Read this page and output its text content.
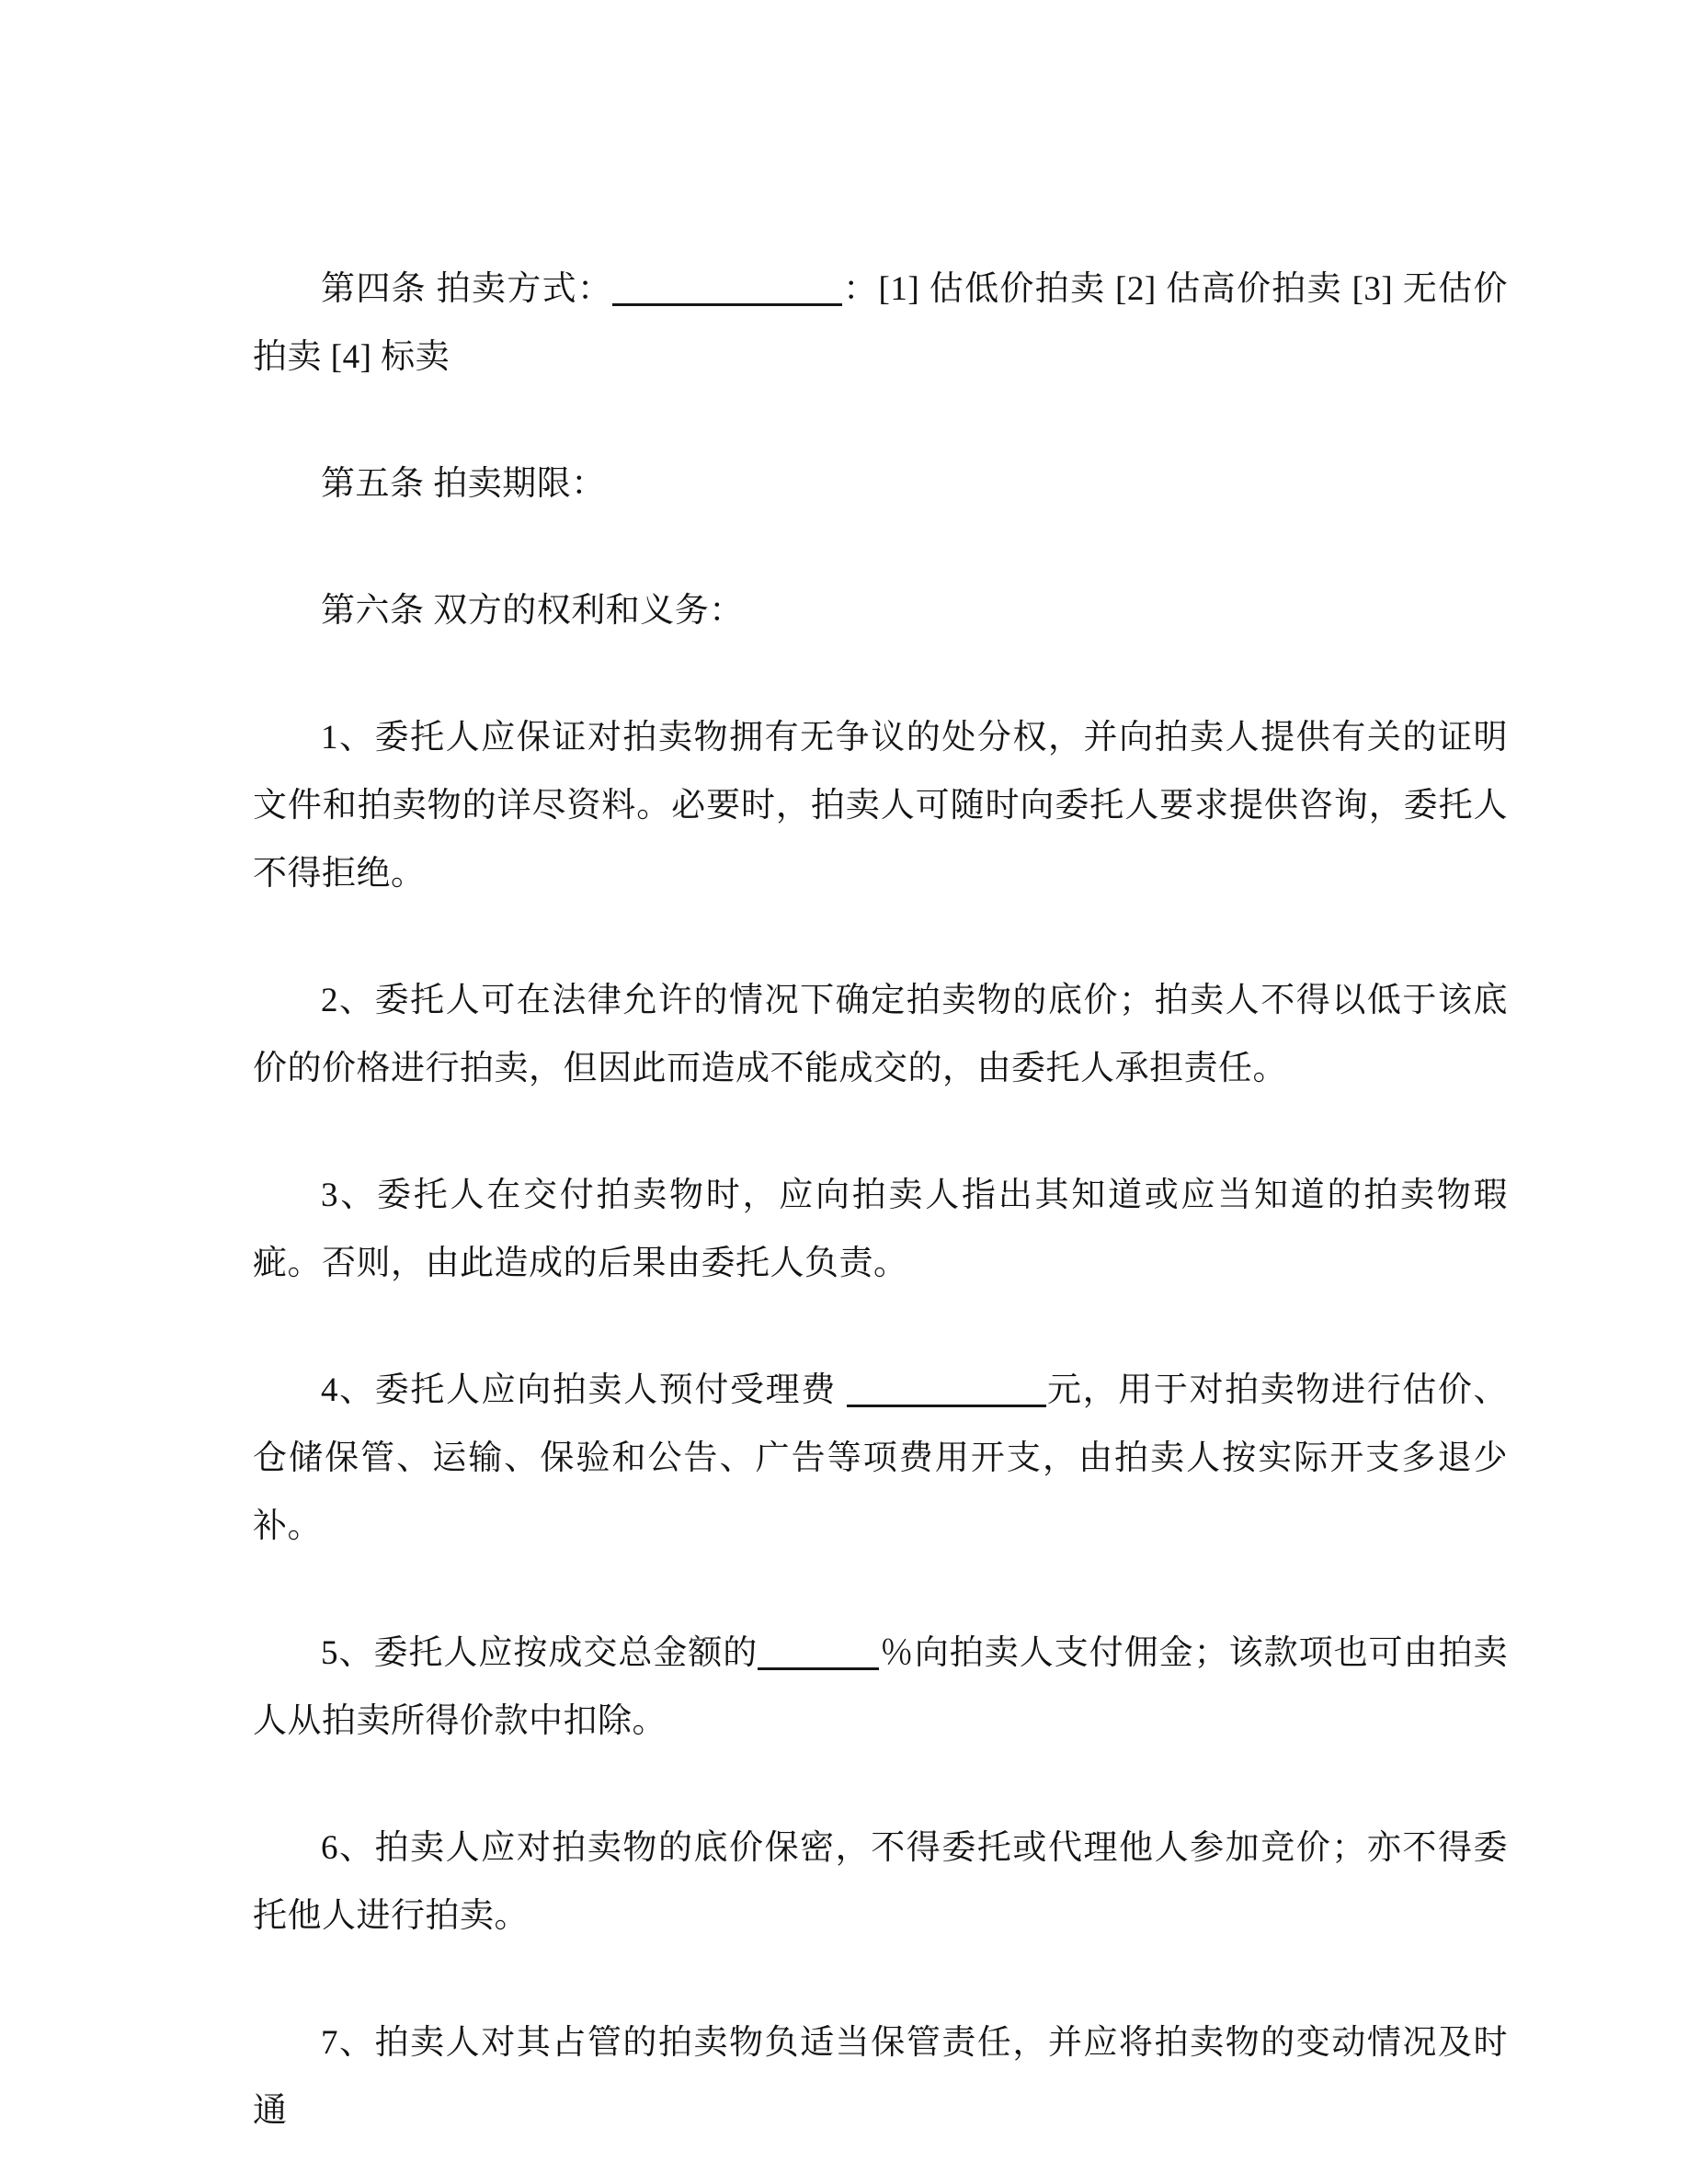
第四条 拍卖方式：	：[1] 估低价拍卖 [2] 估高价拍卖 [3] 无估价拍卖 [4] 标卖

第五条 拍卖期限：

第六条 双方的权利和义务：

1、委托人应保证对拍卖物拥有无争议的处分权，并向拍卖人提供有关的证明文件和拍卖物的详尽资料。必要时，拍卖人可随时向委托人要求提供咨询，委托人不得拒绝。

2、委托人可在法律允许的情况下确定拍卖物的底价；拍卖人不得以低于该底价的价格进行拍卖，但因此而造成不能成交的，由委托人承担责任。

3、委托人在交付拍卖物时，应向拍卖人指出其知道或应当知道的拍卖物瑕疵。否则，由此造成的后果由委托人负责。

4、委托人应向拍卖人预付受理费	元，用于对拍卖物进行估价、仓储保管、运输、保验和公告、广告等项费用开支，由拍卖人按实际开支多退少补。

5、委托人应按成交总金额的	％向拍卖人支付佣金；该款项也可由拍卖人从拍卖所得价款中扣除。

6、拍卖人应对拍卖物的底价保密，不得委托或代理他人参加竞价；亦不得委托他人进行拍卖。

7、拍卖人对其占管的拍卖物负适当保管责任，并应将拍卖物的变动情况及时通
